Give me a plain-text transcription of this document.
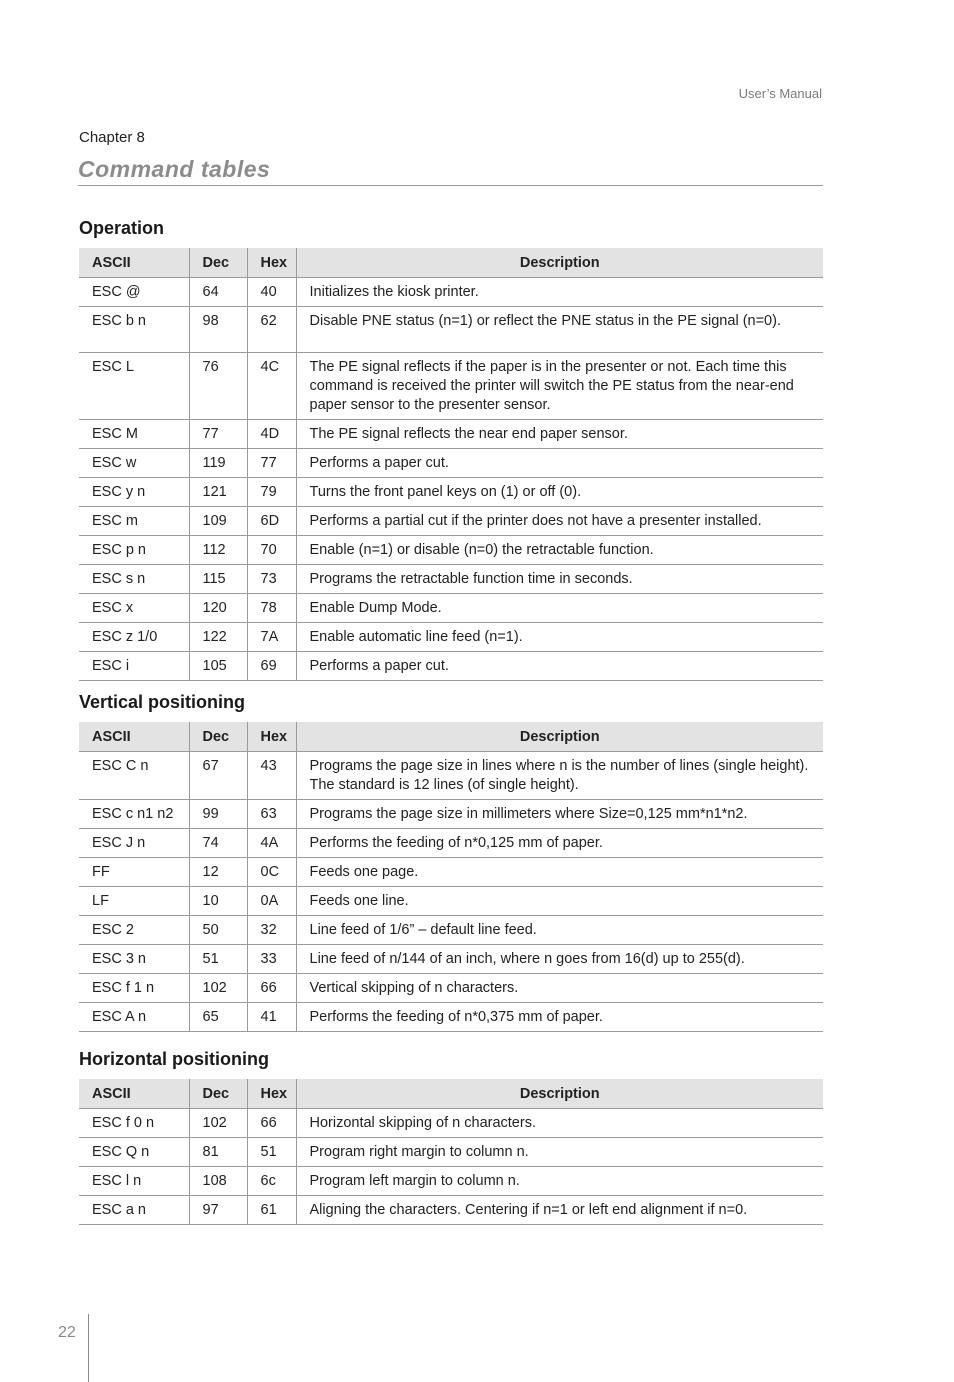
User’s Manual
Chapter 8
Command tables
Operation
ASCII	Dec	Hex	Description
ESC @	64	40	Initializes the kiosk printer.
ESC b n	98	62	Disable PNE status (n=1) or reflect the PNE status in the PE signal (n=0).
ESC L	76	4C	The PE signal reflects if the paper is in the presenter or not. Each time this command is received the printer will switch the PE status from the near-end paper sensor to the presenter sensor.
ESC M	77	4D	The PE signal reflects the near end paper sensor.
ESC w	119	77	Performs a paper cut.
ESC y n	121	79	Turns the front panel keys on (1) or off (0).
ESC m	109	6D	Performs a partial cut if the printer does not have a presenter installed.
ESC p n	112	70	Enable (n=1) or disable (n=0) the retractable function.
ESC s n	115	73	Programs the retractable function time in seconds.
ESC x	120	78	Enable Dump Mode.
ESC z 1/0	122	7A	Enable automatic line feed (n=1).
ESC i	105	69	Performs a paper cut.
Vertical positioning
ASCII	Dec	Hex	Description
ESC C n	67	43	Programs the page size in lines where n is the number of lines (single height). The standard is 12 lines (of single height).
ESC c n1 n2	99	63	Programs the page size in millimeters where Size=0,125 mm*n1*n2.
ESC J n	74	4A	Performs the feeding of n*0,125 mm of paper.
FF	12	0C	Feeds one page.
LF	10	0A	Feeds one line.
ESC 2	50	32	Line feed of 1/6” – default line feed.
ESC 3 n	51	33	Line feed of n/144 of an inch, where n goes from 16(d) up to 255(d).
ESC f 1 n	102	66	Vertical skipping of n characters.
ESC A n	65	41	Performs the feeding of n*0,375 mm of paper.
Horizontal positioning
ASCII	Dec	Hex	Description
ESC f 0 n	102	66	Horizontal skipping of n characters.
ESC Q n	81	51	Program right margin to column n.
ESC l n	108	6c	Program left margin to column n.
ESC a n	97	61	Aligning the characters. Centering if n=1 or left end alignment if n=0.
22
